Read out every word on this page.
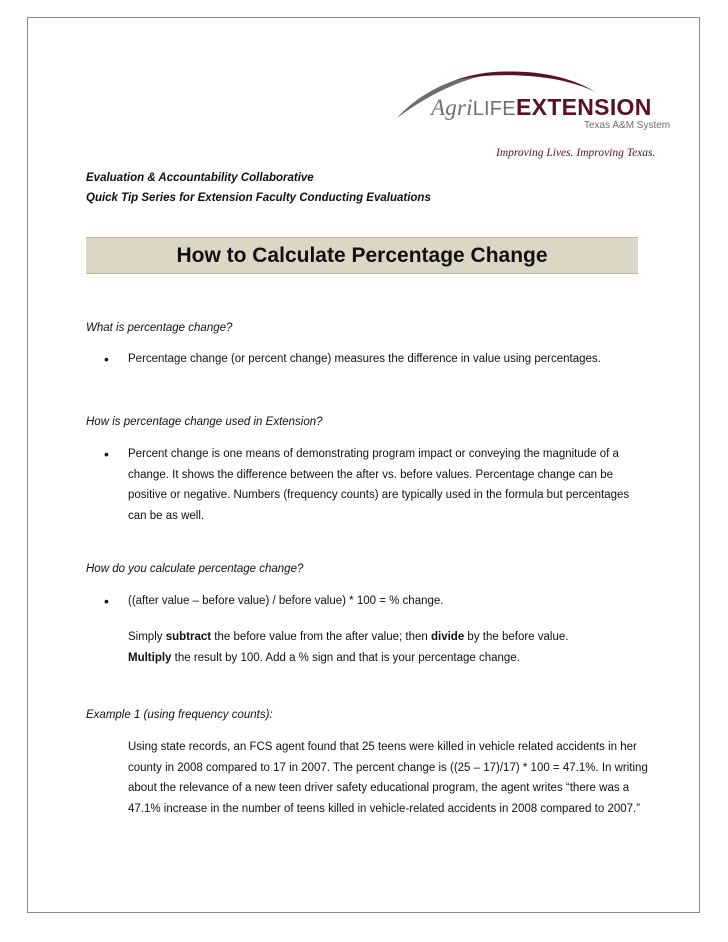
AgriLIFE EXTENSION
Texas A&M System
Improving Lives. Improving Texas.
Evaluation & Accountability Collaborative
Quick Tip Series for Extension Faculty Conducting Evaluations
How to Calculate Percentage Change
What is percentage change?
• Percentage change (or percent change) measures the difference in value using percentages.
How is percentage change used in Extension?
• Percent change is one means of demonstrating program impact or conveying the magnitude of a change. It shows the difference between the after vs. before values. Percentage change can be positive or negative. Numbers (frequency counts) are typically used in the formula but percentages can be as well.
How do you calculate percentage change?
• ((after value – before value) / before value) * 100 = % change.
Simply subtract the before value from the after value; then divide by the before value.
Multiply the result by 100. Add a % sign and that is your percentage change.
Example 1 (using frequency counts):
Using state records, an FCS agent found that 25 teens were killed in vehicle related accidents in her county in 2008 compared to 17 in 2007. The percent change is ((25 – 17)/17) * 100 = 47.1%. In writing about the relevance of a new teen driver safety educational program, the agent writes “there was a 47.1% increase in the number of teens killed in vehicle-related accidents in 2008 compared to 2007.”
